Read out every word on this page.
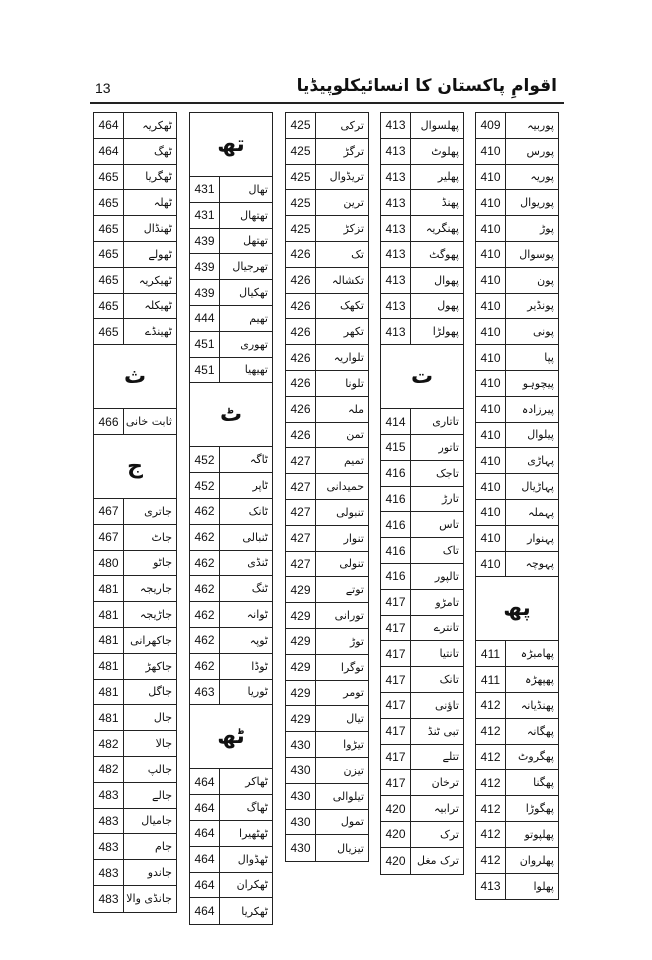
13	اقوامِ پاکستان کا انسائیکلوپیڈیا
464	ٹھکریہ
464	ٹھگ
465	ٹھگریا
465	ٹھلہ
465	ٹھنڈال
465	ٹھولے
465	ٹھیکریہ
465	ٹھیکلہ
465	ٹھینڈے
ث
466 ثابت خانی
ج
467	جاتری
467	جاٹ
480	جاٹو
481	جاریجہ
481	جاڑیجہ
481	جاکھرانی
481	جاکھڑ
481	جاگل
481	جال
482	جالا
482	جالپ
483	جالے
483	جامیال
483	جام
483	جاندو
483 جانڈی والا
تھ
431	تھال
431	تھتھال
439	تھتھل
439	تھرجیال
439	تھکیال
444	تھیم
451	تھوری
451	تھیھیا
ٹ
452	ٹاگہ
452	ٹاپر
462	ٹانک
462	ٹنبالی
462	ٹنڈی
462	ٹنگ
462	ٹوانہ
462	ٹوپہ
462	ٹوڈا
463	ٹوریا
ٹھ
464	ٹھاکر
464	ٹھاگ
464	ٹھٹھیرا
464	ٹھڈوال
464	ٹھکران
464	ٹھکریا
425	ترکی
425	ترگڑ
425	تریڈوال
425	ترین
425	تزکڑ
426	تک
426	تکشالہ
426	تکھک
426	تکھر
426	تلواریہ
426	تلونا
426	ملہ
426	تمن
427	تمیم
427	حمیدانی
427	تنبولی
427	تنوار
427	تنولی
429	توتے
429	تورانی
429	توڑ
429	توگرا
429	تومر
429	تیال
430	تیڑوا
430	تیزن
430	تیلوالی
430	تمول
430	تیزیال
413	پھلسوال
413	پھلوٹ
413	پھلیر
413	پھنڈ
413	پھنگریہ
413	پھوگٹ
413	پھوال
413	پھول
413	پھولڑا
ت
414	تاتاری
415	تاتور
416	تاجک
416	تارڑ
416	تاس
416	تاک
416	تالپور
417	تامڑو
417	تانترے
417	تانتیا
417	تانک
417	تاؤنی
417	تبی ٹنڈ
417	تتلے
417	ترخان
420	ترابیہ
420	ترک
420	ترک مغل
409	پوربیہ
410	پورس
410	پوریہ
410	پوریوال
410	پوڑ
410	پوسوال
410	پون
410	پونڈیر
410	پونی
410	پپا
410	پیچوہو
410	پیرزادہ
410	پیلوال
410	پہاڑی
410	پہاڑیال
410	پہملہ
410	پہنوار
410	پہوچہ
پھ
411	پھامبڑہ
411	پھپھڑہ
412	پھنڈیانہ
412	پھگانہ
412	پھگروٹ
412	پھگنا
412	پھگوڑا
412	پھلپوتو
412	پھلروان
413	پھلوا
